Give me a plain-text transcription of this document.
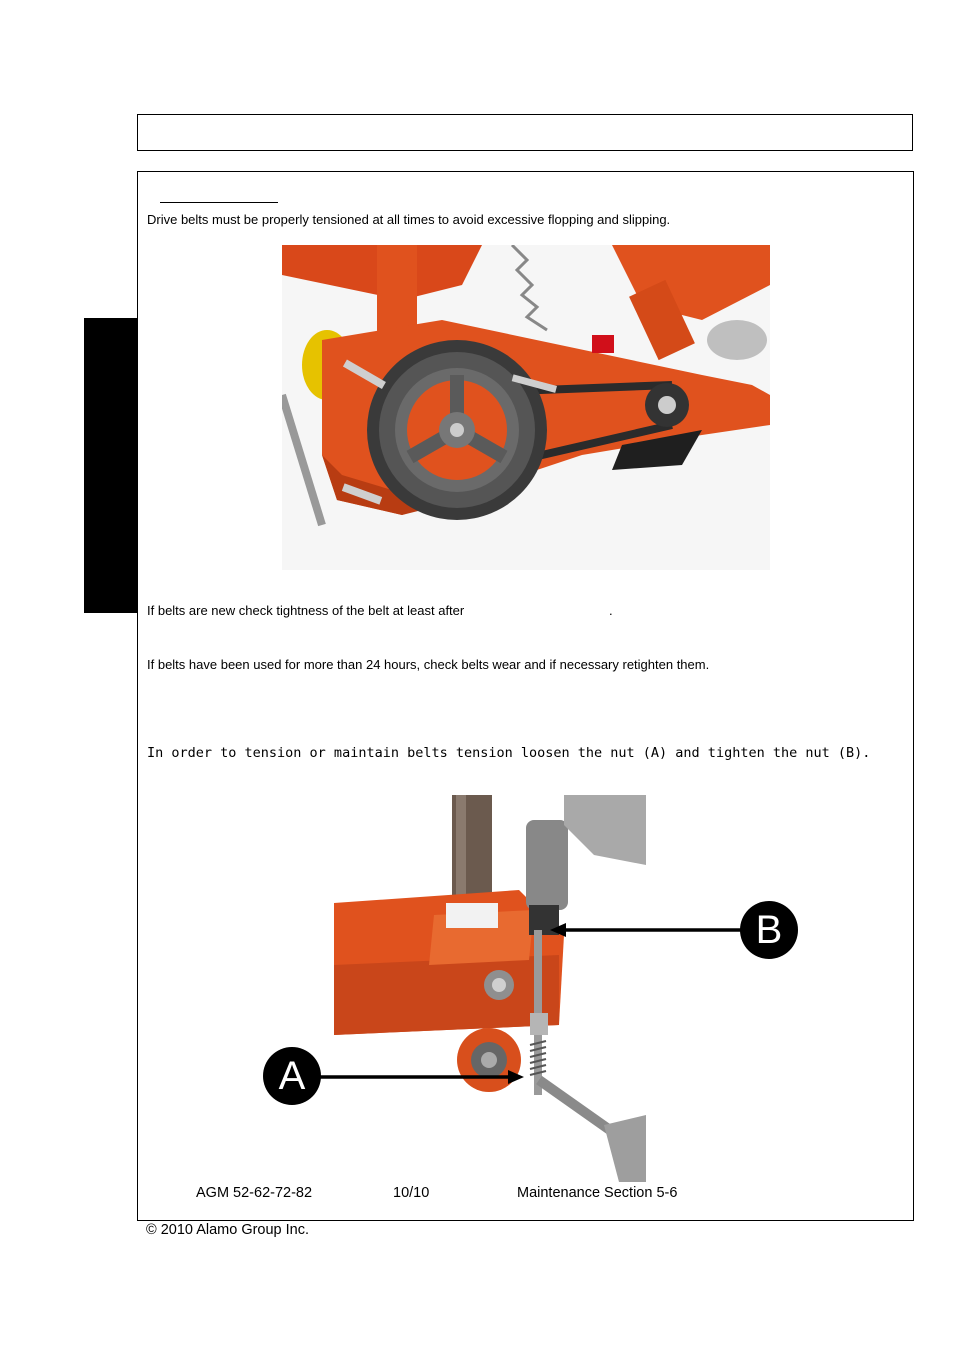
Drive belts must be properly tensioned at all times to avoid excessive flopping and slipping.
If belts are new check tightness of the belt at least after	.
If belts have been used for more than 24 hours, check belts wear and if necessary retighten them.
In order to tension or maintain belts tension loosen the nut (A) and tighten the nut (B).
A
B
AGM 52-62-72-82	10/10	Maintenance Section 5-6
© 2010 Alamo Group Inc.
